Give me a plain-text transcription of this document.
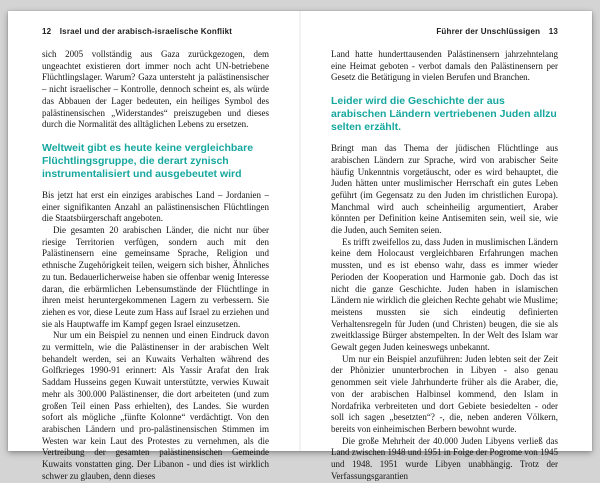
12 Israel und der arabisch-israelische Konflikt

sich 2005 vollständig aus Gaza zurückgezogen, dem ungeachtet existieren dort immer noch acht UN-betriebene Flüchtlingslager. Warum? Gaza untersteht ja palästinensischer – nicht israelischer – Kontrolle, dennoch scheint es, als würde das Abbauen der Lager bedeuten, ein heiliges Symbol des palästinensischen „Widerstandes“ preiszugeben und dieses durch die Normalität des alltäglichen Lebens zu ersetzen.

Weltweit gibt es heute keine vergleichbare Flüchtlingsgruppe, die derart zynisch instrumentalisiert und ausgebeutet wird

Bis jetzt hat erst ein einziges arabisches Land – Jordanien – einer signifikanten Anzahl an palästinensischen Flüchtlingen die Staatsbürgerschaft angeboten.

Die gesamten 20 arabischen Länder, die nicht nur über riesige Territorien verfügen, sondern auch mit den Palästinensern eine gemeinsame Sprache, Religion und ethnische Zugehörigkeit teilen, weigern sich bisher, Ähnliches zu tun. Bedauerlicherweise haben sie offenbar wenig Interesse daran, die erbärmlichen Lebensumstände der Flüchtlinge in ihren meist heruntergekommenen Lagern zu verbessern. Sie ziehen es vor, diese Leute zum Hass auf Israel zu erziehen und sie als Hauptwaffe im Kampf gegen Israel einzusetzen.

Nur um ein Beispiel zu nennen und einen Eindruck davon zu vermitteln, wie die Palästinenser in der arabischen Welt behandelt werden, sei an Kuwaits Verhalten während des Golfkrieges 1990-91 erinnert: Als Yassir Arafat den Irak Saddam Husseins gegen Kuwait unterstützte, verwies Kuwait mehr als 300.000 Palästinenser, die dort arbeiteten (und zum großen Teil einen Pass erhielten), des Landes. Sie wurden sofort als mögliche „fünfte Kolonne“ verdächtigt. Von den arabischen Ländern und pro-palästinensischen Stimmen im Westen war kein Laut des Protestes zu vernehmen, als die Vertreibung der gesamten palästinensischen Gemeinde Kuwaits vonstatten ging. Der Libanon - und dies ist wirklich schwer zu glauben, denn dieses

Führer der Unschlüssigen 13

Land hatte hunderttausenden Palästinensern jahrzehntelang eine Heimat geboten - verbot damals den Palästinensern per Gesetz die Betätigung in vielen Berufen und Branchen.

Leider wird die Geschichte der aus arabischen Ländern vertriebenen Juden allzu selten erzählt.

Bringt man das Thema der jüdischen Flüchtlinge aus arabischen Ländern zur Sprache, wird von arabischer Seite häufig Unkenntnis vorgetäuscht, oder es wird behauptet, die Juden hätten unter muslimischer Herrschaft ein gutes Leben geführt (im Gegensatz zu den Juden im christlichen Europa). Manchmal wird auch scheinheilig argumentiert, Araber könnten per Definition keine Antisemiten sein, weil sie, wie die Juden, auch Semiten seien.

Es trifft zweifellos zu, dass Juden in muslimischen Ländern keine dem Holocaust vergleichbaren Erfahrungen machen mussten, und es ist ebenso wahr, dass es immer wieder Perioden der Kooperation und Harmonie gab. Doch das ist nicht die ganze Geschichte. Juden haben in islamischen Ländern nie wirklich die gleichen Rechte gehabt wie Muslime; meistens mussten sie sich eindeutig definierten Verhaltensregeln für Juden (und Christen) beugen, die sie als zweitklassige Bürger abstempelten. In der Welt des Islam war Gewalt gegen Juden keineswegs unbekannt.

Um nur ein Beispiel anzuführen: Juden lebten seit der Zeit der Phönizier ununterbrochen in Libyen - also genau genommen seit viele Jahrhunderte früher als die Araber, die, von der arabischen Halbinsel kommend, den Islam in Nordafrika verbreiteten und dort Gebiete besiedelten - oder soll ich sagen „besetzten“? -, die, neben anderen Völkern, bereits von einheimischen Berbern bewohnt wurde.

Die große Mehrheit der 40.000 Juden Libyens verließ das Land zwischen 1948 und 1951 in Folge der Pogrome von 1945 und 1948. 1951 wurde Libyen unabhängig. Trotz der Verfassungsgarantien
